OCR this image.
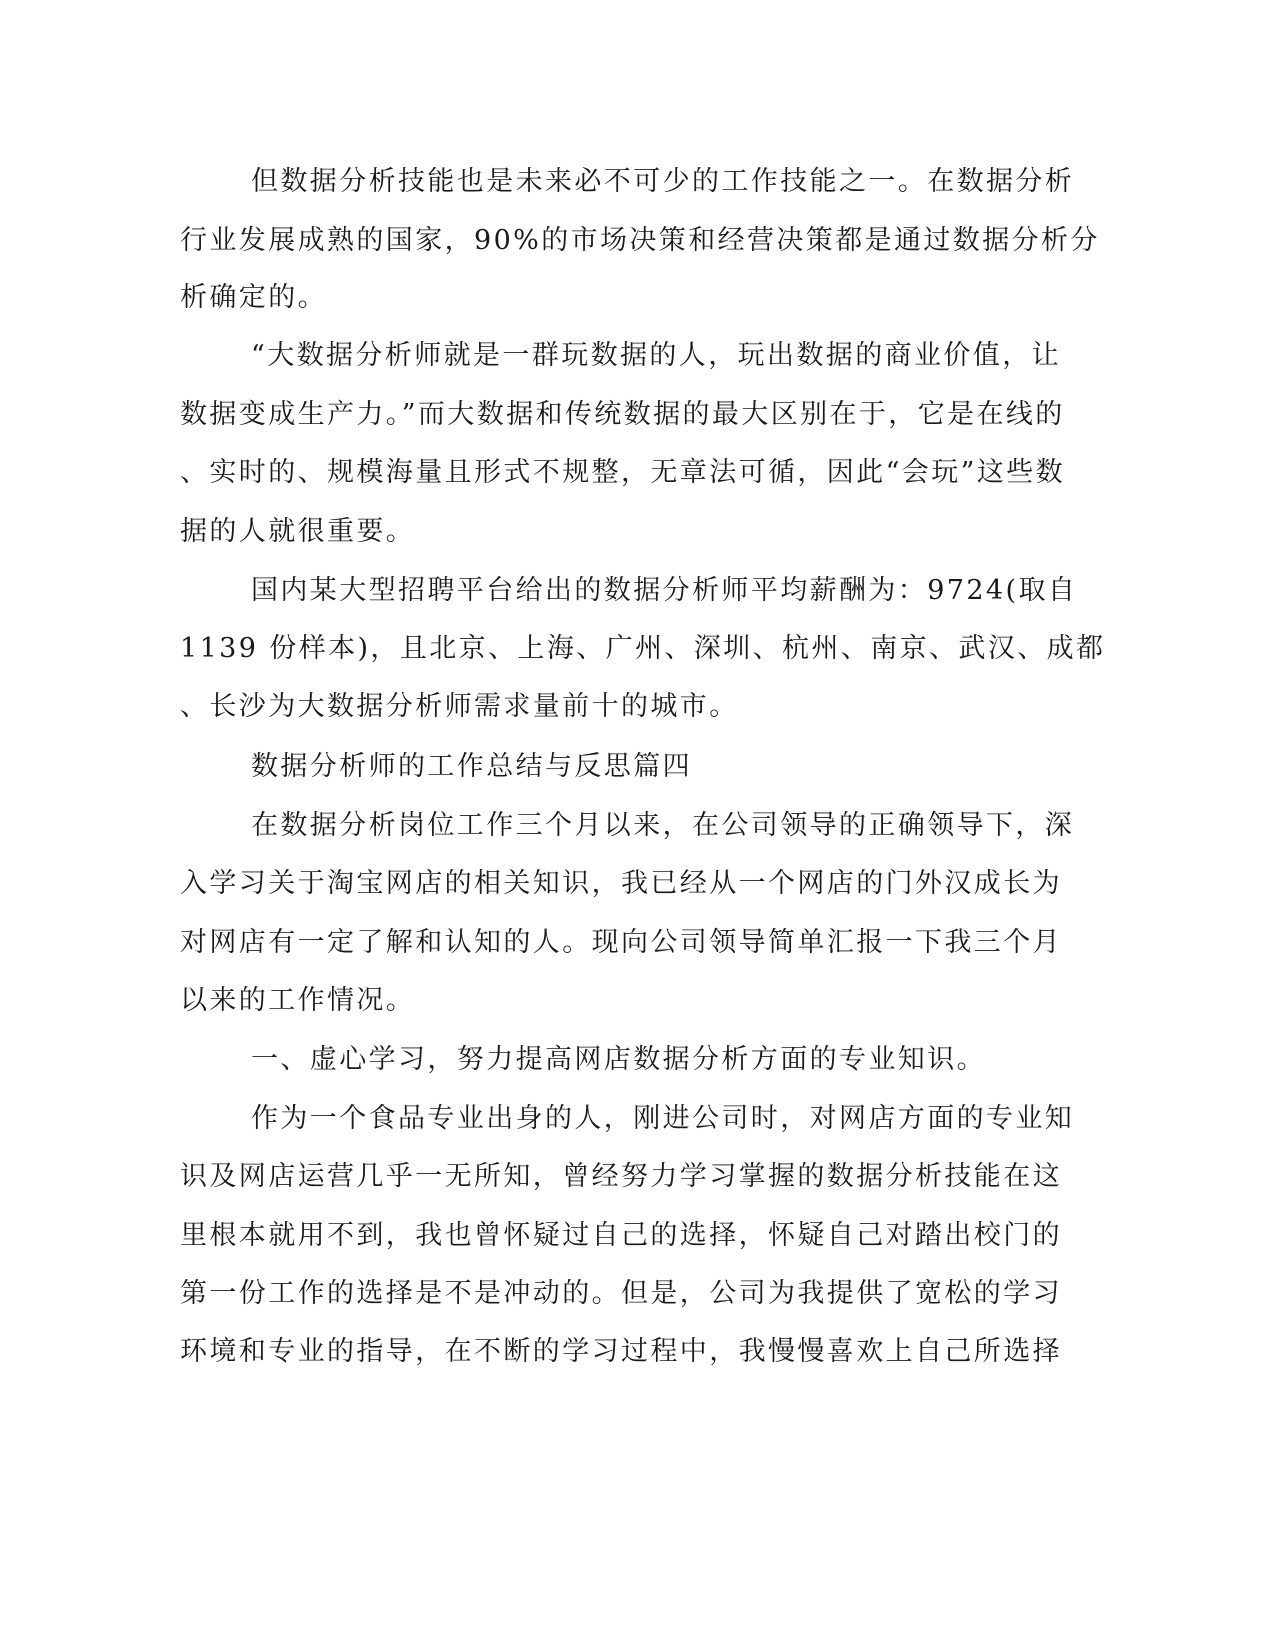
但数据分析技能也是未来必不可少的工作技能之一。在数据分析
行业发展成熟的国家，90%的市场决策和经营决策都是通过数据分析分
析确定的。
“大数据分析师就是一群玩数据的人，玩出数据的商业价值，让
数据变成生产力。”而大数据和传统数据的最大区别在于，它是在线的
、实时的、规模海量且形式不规整，无章法可循，因此“会玩”这些数
据的人就很重要。
国内某大型招聘平台给出的数据分析师平均薪酬为：9724(取自
1139 份样本)，且北京、上海、广州、深圳、杭州、南京、武汉、成都
、长沙为大数据分析师需求量前十的城市。
数据分析师的工作总结与反思篇四
在数据分析岗位工作三个月以来，在公司领导的正确领导下，深
入学习关于淘宝网店的相关知识，我已经从一个网店的门外汉成长为
对网店有一定了解和认知的人。现向公司领导简单汇报一下我三个月
以来的工作情况。
一、虚心学习，努力提高网店数据分析方面的专业知识。
作为一个食品专业出身的人，刚进公司时，对网店方面的专业知
识及网店运营几乎一无所知，曾经努力学习掌握的数据分析技能在这
里根本就用不到，我也曾怀疑过自己的选择，怀疑自己对踏出校门的
第一份工作的选择是不是冲动的。但是，公司为我提供了宽松的学习
环境和专业的指导，在不断的学习过程中，我慢慢喜欢上自己所选择
